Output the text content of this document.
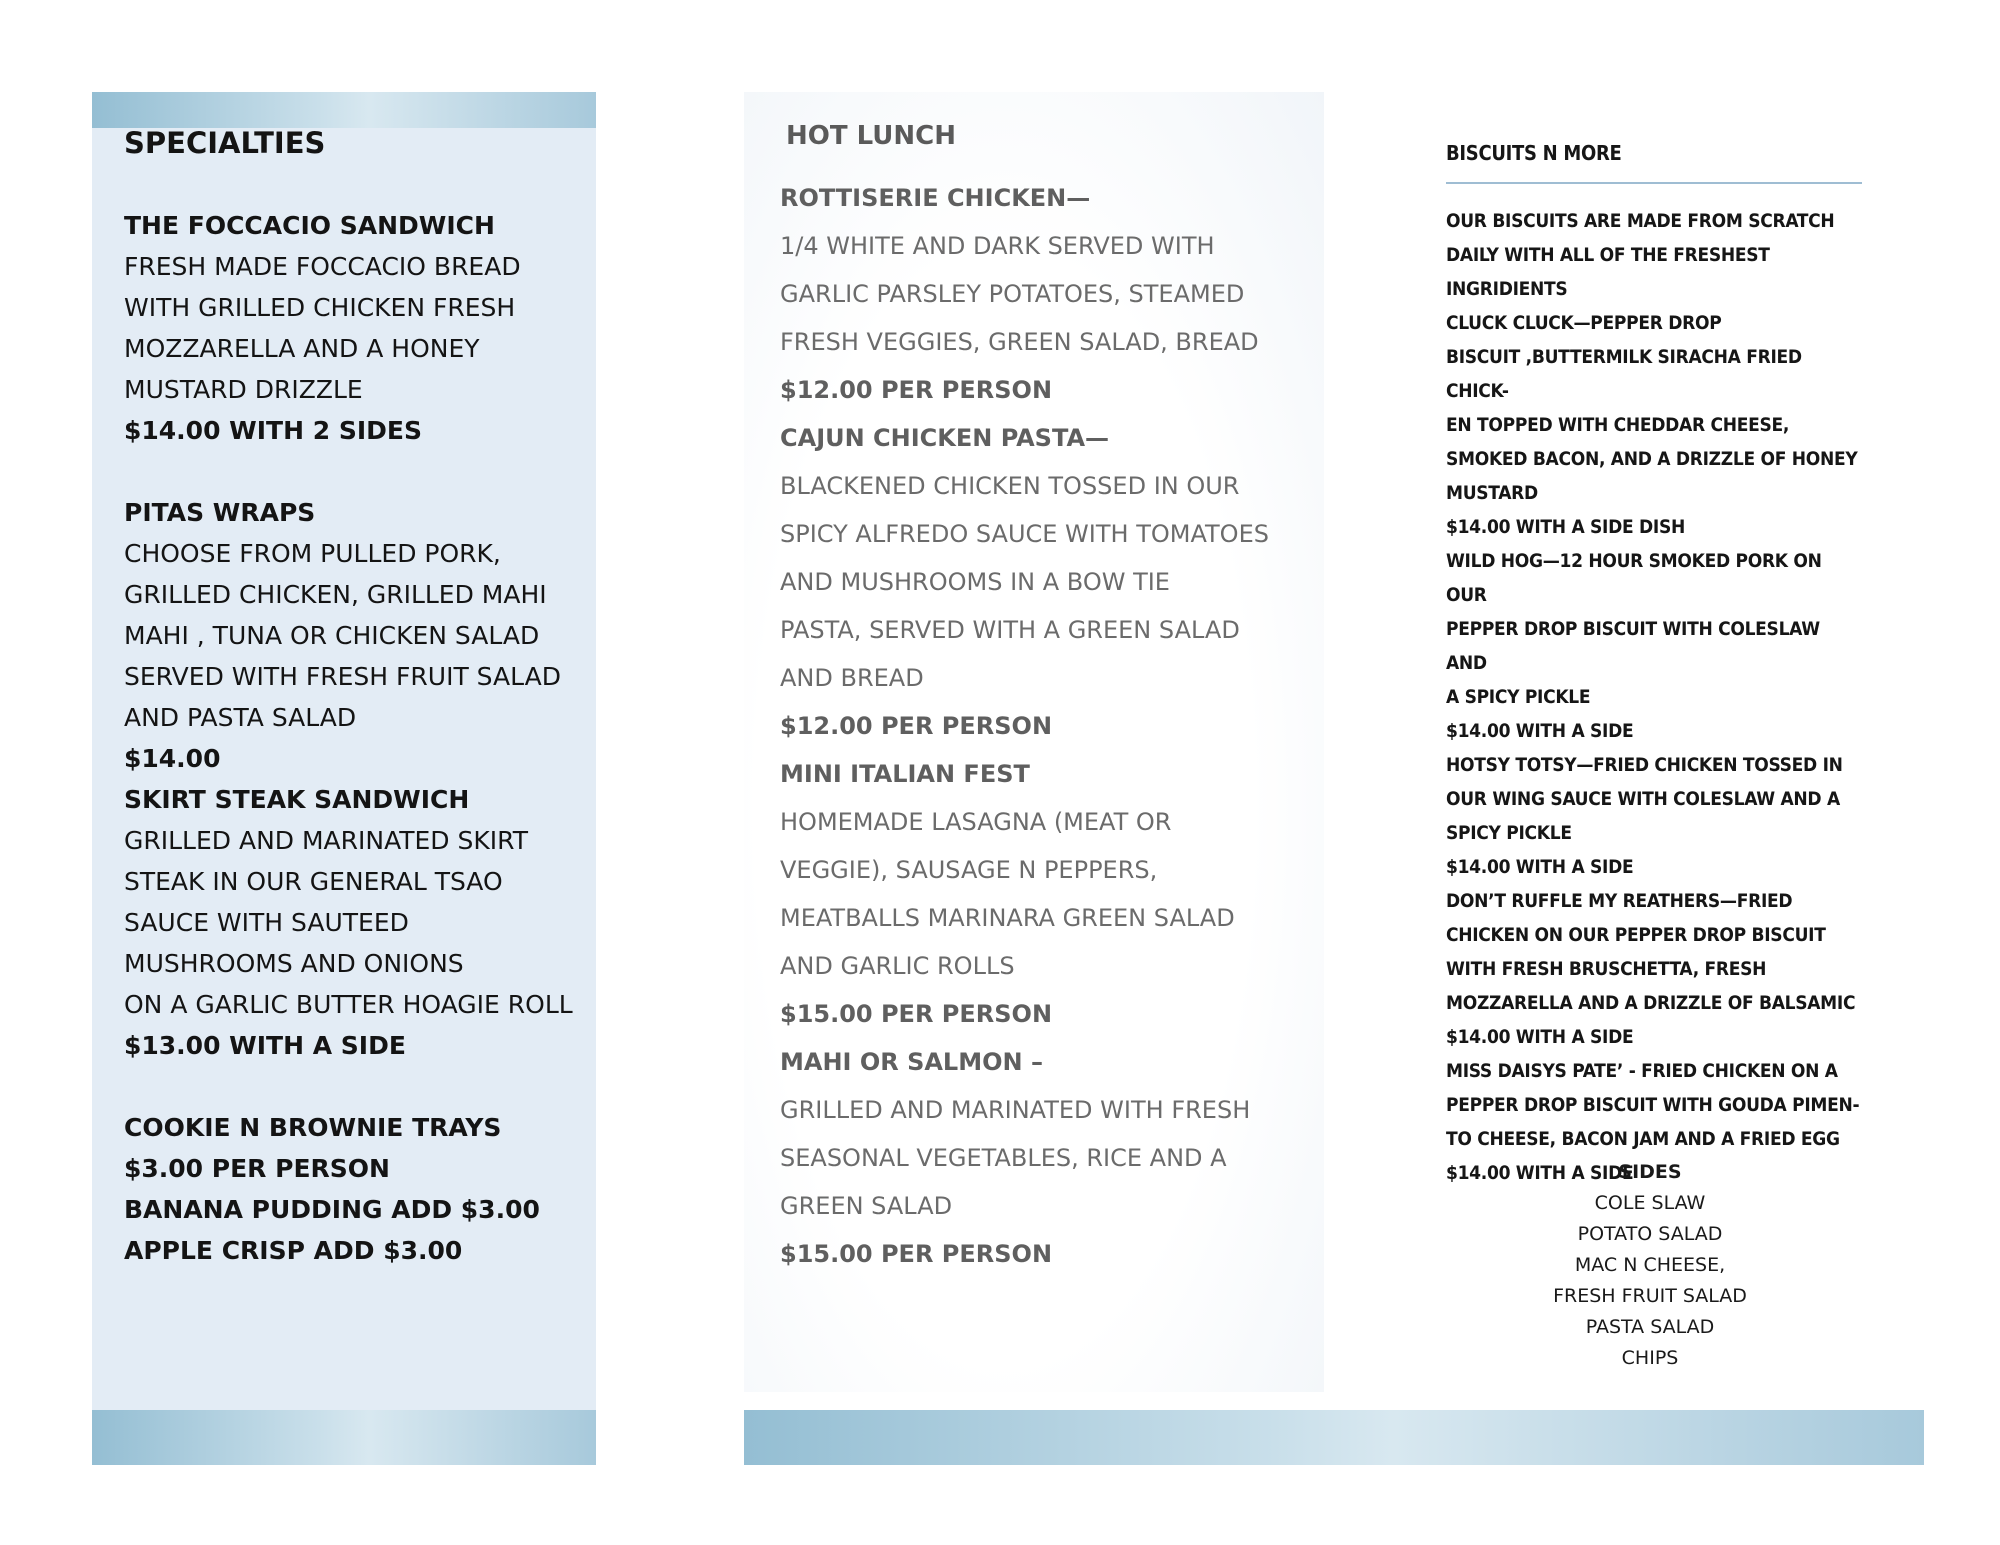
SPECIALTIES
THE FOCCACIO SANDWICH
FRESH MADE FOCCACIO BREAD
WITH GRILLED CHICKEN FRESH
MOZZARELLA AND A HONEY
MUSTARD DRIZZLE
$14.00 WITH 2 SIDES

PITAS WRAPS
CHOOSE FROM PULLED PORK,
GRILLED CHICKEN, GRILLED MAHI
MAHI , TUNA OR CHICKEN SALAD
SERVED WITH FRESH FRUIT SALAD
AND PASTA SALAD
$14.00
SKIRT STEAK SANDWICH
GRILLED AND MARINATED SKIRT
STEAK IN OUR GENERAL TSAO
SAUCE WITH SAUTEED
MUSHROOMS AND ONIONS
ON A GARLIC BUTTER HOAGIE ROLL
$13.00 WITH A SIDE

COOKIE N BROWNIE TRAYS
$3.00 PER PERSON
BANANA PUDDING ADD $3.00
APPLE CRISP ADD $3.00
HOT LUNCH
ROTTISERIE CHICKEN—
1/4 WHITE AND DARK SERVED WITH
GARLIC PARSLEY POTATOES, STEAMED
FRESH VEGGIES, GREEN SALAD, BREAD
$12.00 PER PERSON
CAJUN CHICKEN PASTA—
BLACKENED CHICKEN TOSSED IN OUR
SPICY ALFREDO SAUCE WITH TOMATOES
AND MUSHROOMS IN A BOW TIE
PASTA, SERVED WITH A GREEN SALAD
AND BREAD
$12.00 PER PERSON
MINI ITALIAN FEST
HOMEMADE LASAGNA (MEAT OR
VEGGIE), SAUSAGE N PEPPERS,
MEATBALLS MARINARA GREEN SALAD
AND GARLIC ROLLS
$15.00 PER PERSON
MAHI OR SALMON –
GRILLED AND MARINATED WITH FRESH
SEASONAL VEGETABLES, RICE AND A
GREEN SALAD
$15.00 PER PERSON
BISCUITS N MORE
OUR BISCUITS ARE MADE FROM SCRATCH
DAILY WITH ALL OF THE FRESHEST
INGRIDIENTS
CLUCK CLUCK—PEPPER DROP
BISCUIT ,BUTTERMILK SIRACHA FRIED CHICK-
EN TOPPED WITH CHEDDAR CHEESE,
SMOKED BACON, AND A DRIZZLE OF HONEY
MUSTARD
$14.00 WITH A SIDE DISH
WILD HOG—12 HOUR SMOKED PORK ON OUR
PEPPER DROP BISCUIT WITH COLESLAW AND
A SPICY PICKLE
$14.00 WITH A SIDE
HOTSY TOTSY—FRIED CHICKEN TOSSED IN
OUR WING SAUCE WITH COLESLAW AND A
SPICY PICKLE
$14.00 WITH A SIDE
DON’T RUFFLE MY REATHERS—FRIED
CHICKEN ON OUR PEPPER DROP BISCUIT
WITH FRESH BRUSCHETTA, FRESH
MOZZARELLA AND A DRIZZLE OF BALSAMIC
$14.00 WITH A SIDE
MISS DAISYS PATE’ - FRIED CHICKEN ON A
PEPPER DROP BISCUIT WITH GOUDA PIMEN-
TO CHEESE, BACON JAM AND A FRIED EGG
$14.00 WITH A SIDE
SIDES
COLE SLAW
POTATO SALAD
MAC N CHEESE,
FRESH FRUIT SALAD
PASTA SALAD
CHIPS
